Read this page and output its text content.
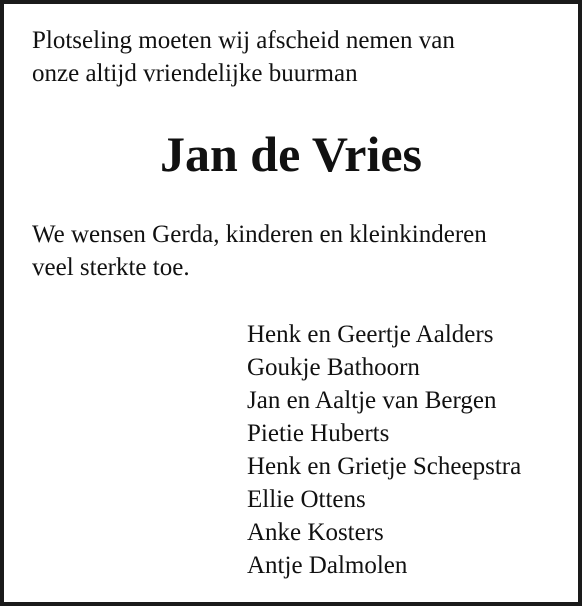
Plotseling moeten wij afscheid nemen van
onze altijd vriendelijke buurman

Jan de Vries

We wensen Gerda, kinderen en kleinkinderen
veel sterkte toe.

Henk en Geertje Aalders
Goukje Bathoorn
Jan en Aaltje van Bergen
Pietie Huberts
Henk en Grietje Scheepstra
Ellie Ottens
Anke Kosters
Antje Dalmolen
